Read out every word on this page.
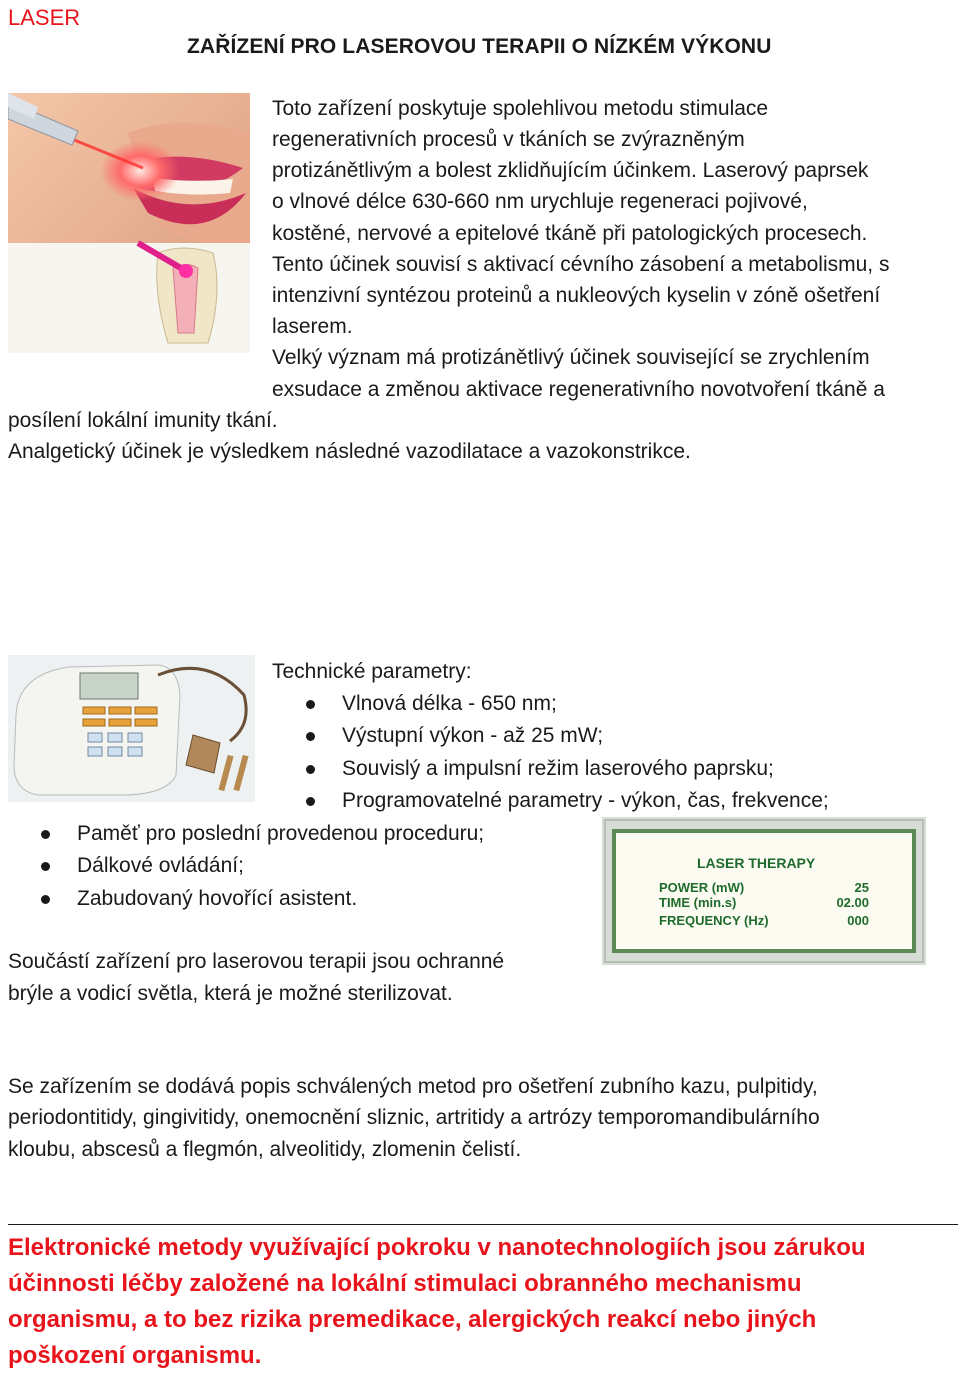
LASER
ZAŘÍZENÍ PRO LASEROVOU TERAPII O NÍZKÉM VÝKONU
Toto zařízení poskytuje spolehlivou metodu stimulace
regenerativních procesů v tkáních se zvýrazněným
protizánětlivým a bolest zklidňujícím účinkem. Laserový paprsek
o vlnové délce 630-660 nm urychluje regeneraci pojivové,
kostěné, nervové a epitelové tkáně při patologických procesech.
Tento účinek souvisí s aktivací cévního zásobení a metabolismu, s
intenzivní syntézou proteinů a nukleových kyselin v zóně ošetření
laserem.
Velký význam má protizánětlivý účinek související se zrychlením
exsudace a změnou aktivace regenerativního novotvoření tkáně a
posílení lokální imunity tkání.
Analgetický účinek je výsledkem následné vazodilatace a vazokonstrikce.
Technické parametry:
Vlnová délka - 650 nm;
Výstupní výkon - až 25 mW;
Souvislý a impulsní režim laserového paprsku;
Programovatelné parametry - výkon, čas, frekvence;
Paměť pro poslední provedenou proceduru;
Dálkové ovládání;
Zabudovaný hovořící asistent.
LASER THERAPY
POWER (mW)	25
TIME (min.s)	02.00
FREQUENCY (Hz)	000
Součástí zařízení pro laserovou terapii jsou ochranné
brýle a vodicí světla, která je možné sterilizovat.
Se zařízením se dodává popis schválených metod pro ošetření zubního kazu, pulpitidy,
periodontitidy, gingivitidy, onemocnění sliznic, artritidy a artrózy temporomandibulárního
kloubu, abscesů a flegmón, alveolitidy, zlomenin čelistí.
Elektronické metody využívající pokroku v nanotechnologiích jsou zárukou
účinnosti léčby založené na lokální stimulaci obranného mechanismu
organismu, a to bez rizika premedikace, alergických reakcí nebo jiných
poškození organismu.
